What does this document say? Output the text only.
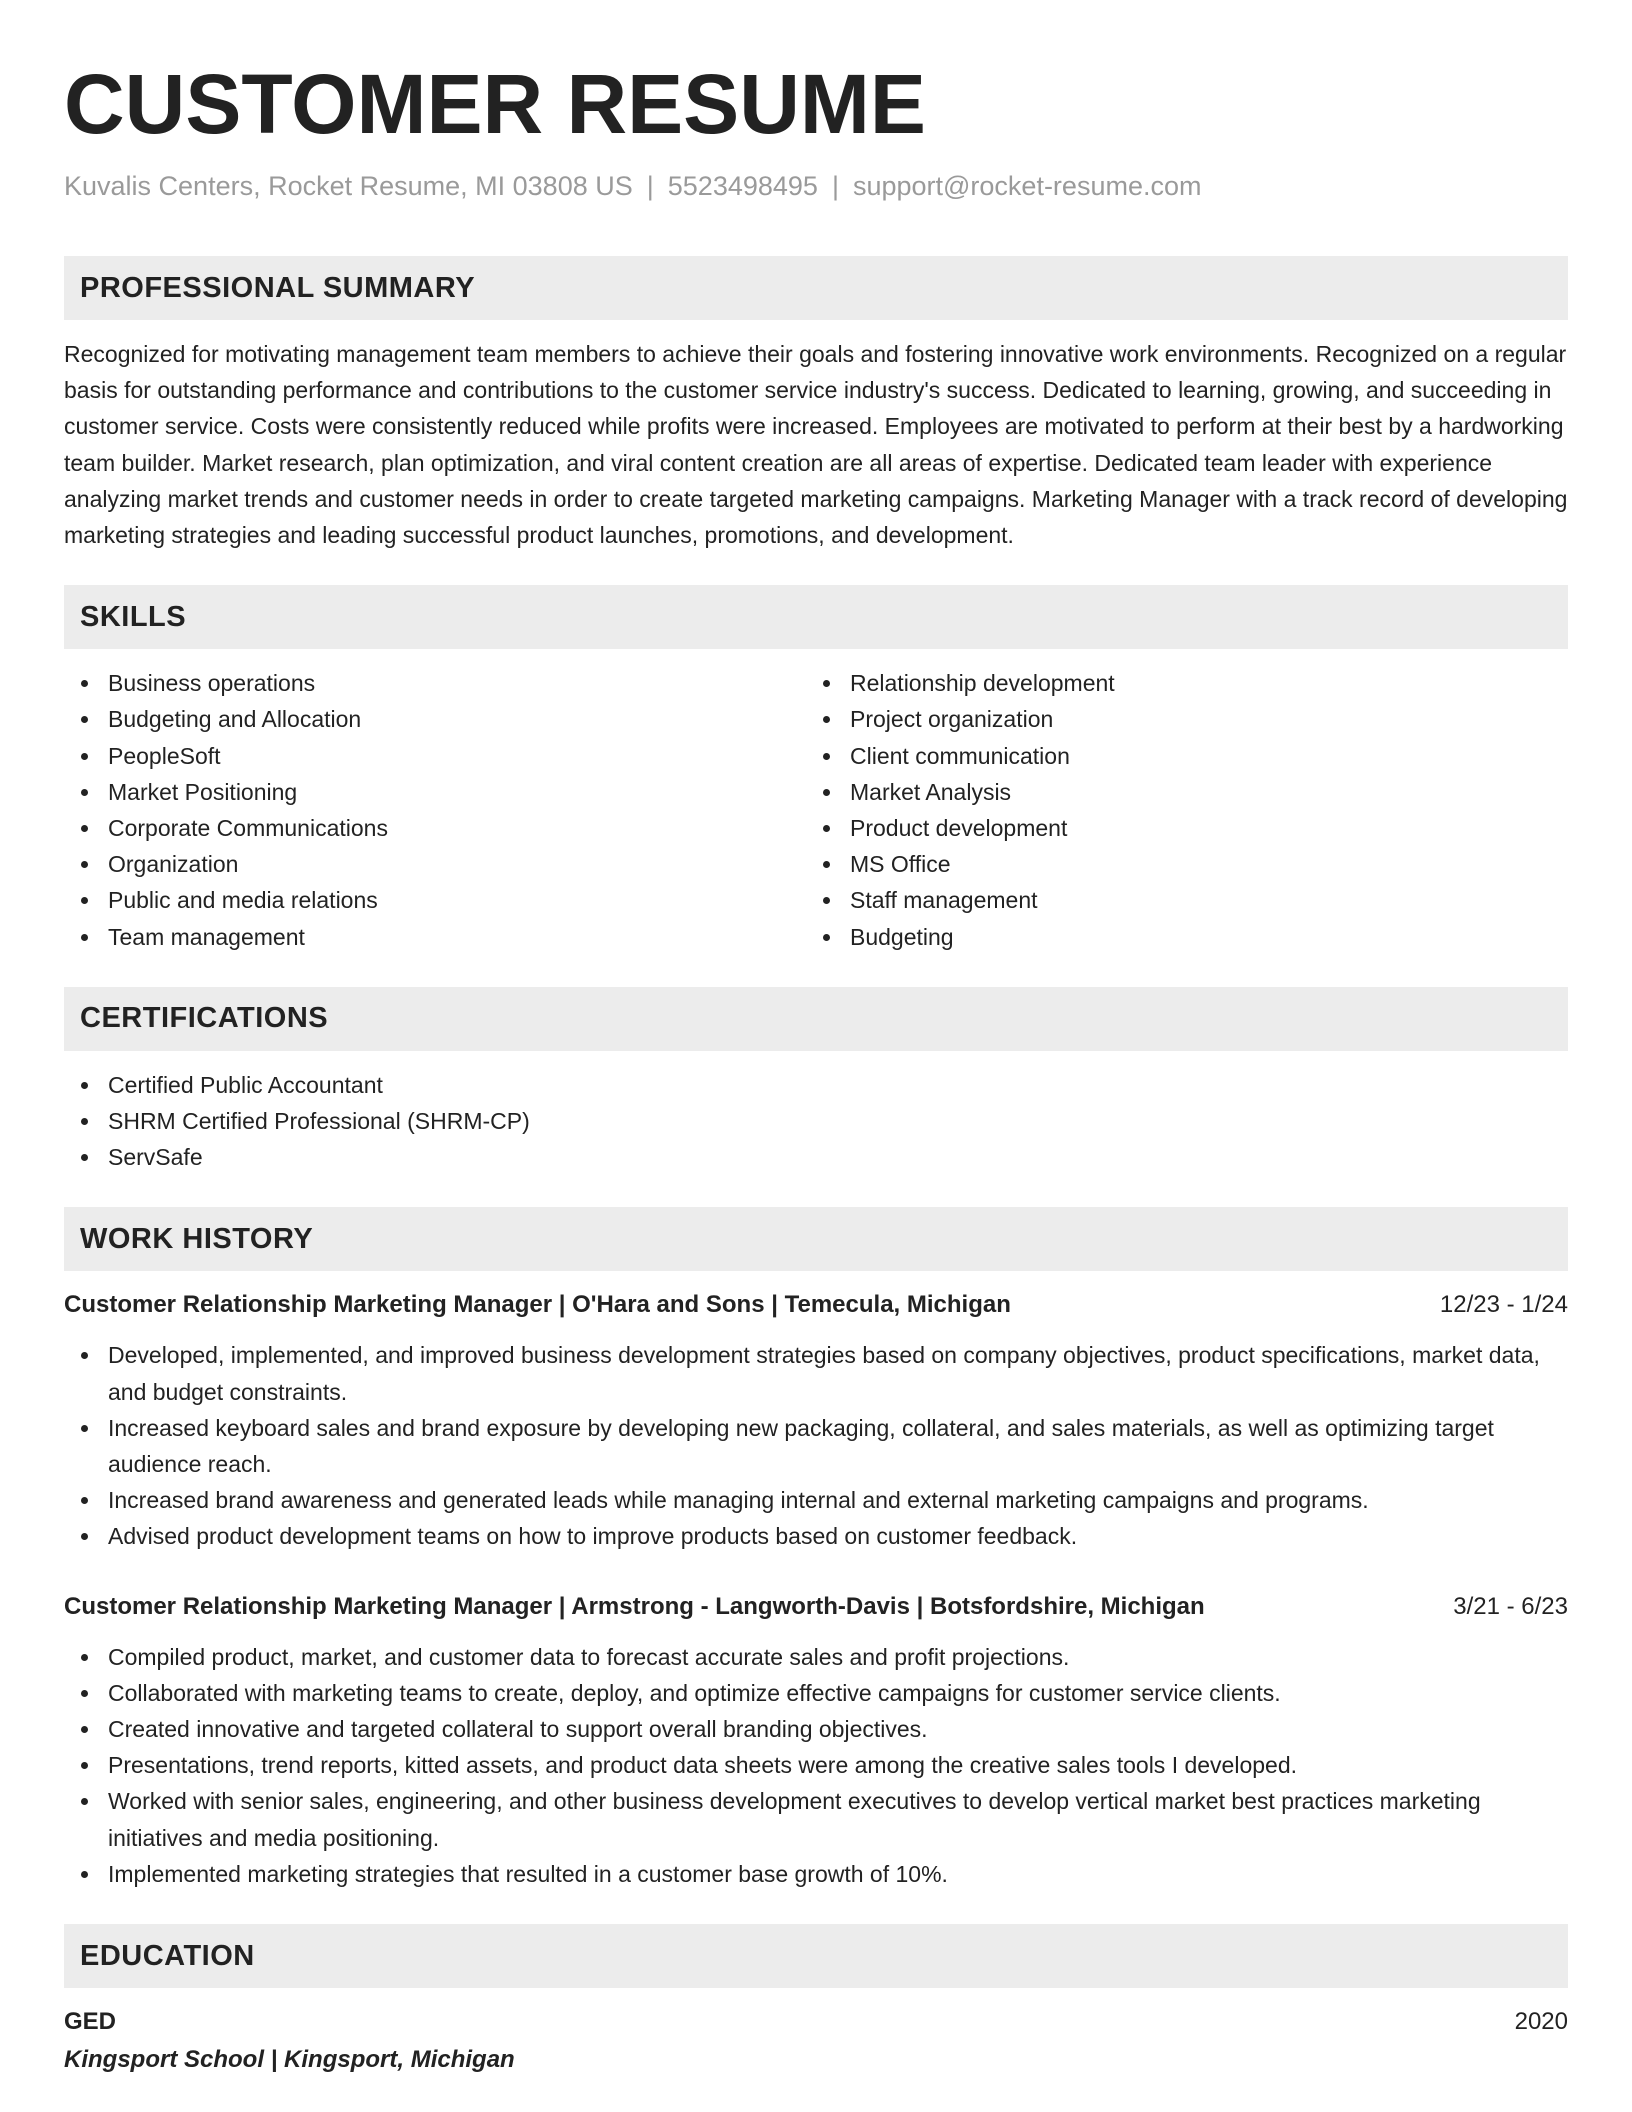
CUSTOMER RESUME
Kuvalis Centers, Rocket Resume, MI 03808 US | 5523498495 | support@rocket-resume.com
PROFESSIONAL SUMMARY
Recognized for motivating management team members to achieve their goals and fostering innovative work environments. Recognized on a regular basis for outstanding performance and contributions to the customer service industry's success. Dedicated to learning, growing, and succeeding in customer service. Costs were consistently reduced while profits were increased. Employees are motivated to perform at their best by a hardworking team builder. Market research, plan optimization, and viral content creation are all areas of expertise. Dedicated team leader with experience analyzing market trends and customer needs in order to create targeted marketing campaigns. Marketing Manager with a track record of developing marketing strategies and leading successful product launches, promotions, and development.
SKILLS
Business operations
Budgeting and Allocation
PeopleSoft
Market Positioning
Corporate Communications
Organization
Public and media relations
Team management
Relationship development
Project organization
Client communication
Market Analysis
Product development
MS Office
Staff management
Budgeting
CERTIFICATIONS
Certified Public Accountant
SHRM Certified Professional (SHRM-CP)
ServSafe
WORK HISTORY
Customer Relationship Marketing Manager | O'Hara and Sons | Temecula, Michigan	12/23 - 1/24
Developed, implemented, and improved business development strategies based on company objectives, product specifications, market data, and budget constraints.
Increased keyboard sales and brand exposure by developing new packaging, collateral, and sales materials, as well as optimizing target audience reach.
Increased brand awareness and generated leads while managing internal and external marketing campaigns and programs.
Advised product development teams on how to improve products based on customer feedback.
Customer Relationship Marketing Manager | Armstrong - Langworth-Davis | Botsfordshire, Michigan	3/21 - 6/23
Compiled product, market, and customer data to forecast accurate sales and profit projections.
Collaborated with marketing teams to create, deploy, and optimize effective campaigns for customer service clients.
Created innovative and targeted collateral to support overall branding objectives.
Presentations, trend reports, kitted assets, and product data sheets were among the creative sales tools I developed.
Worked with senior sales, engineering, and other business development executives to develop vertical market best practices marketing initiatives and media positioning.
Implemented marketing strategies that resulted in a customer base growth of 10%.
EDUCATION
GED	2020
Kingsport School | Kingsport, Michigan
